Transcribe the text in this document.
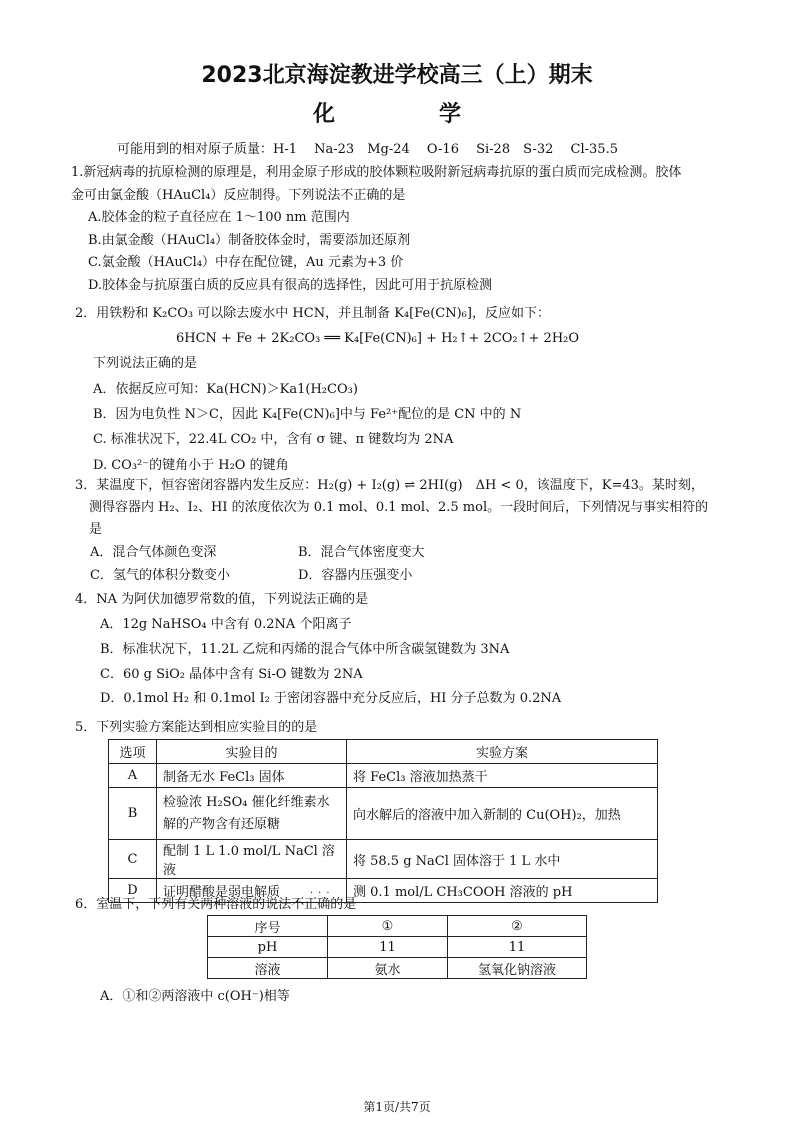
2023北京海淀教进学校高三（上）期末
化　　学
可能用到的相对原子质量：H-1　 Na-23　Mg-24　 O-16　 Si-28　S-32　 Cl-35.5
1.新冠病毒的抗原检测的原理是，利用金原子形成的胶体颗粒吸附新冠病毒抗原的蛋白质而完成检测。胶体
金可由氯金酸（HAuCl₄）反应制得。下列说法不正确的是
A.胶体金的粒子直径应在 1～100 nm 范围内
B.由氯金酸（HAuCl₄）制备胶体金时，需要添加还原剂
C.氯金酸（HAuCl₄）中存在配位键，Au 元素为+3 价
D.胶体金与抗原蛋白质的反应具有很高的选择性，因此可用于抗原检测
2．用铁粉和 K₂CO₃ 可以除去废水中 HCN，并且制备 K₄[Fe(CN)₆]，反应如下：
6HCN + Fe + 2K₂CO₃ ══ K₄[Fe(CN)₆] + H₂↑+ 2CO₂↑+ 2H₂O
下列说法正确的是
A．依据反应可知：Ka(HCN)＞Ka1(H₂CO₃)
B．因为电负性 N＞C，因此 K₄[Fe(CN)₆]中与 Fe²⁺配位的是 CN 中的 N
C. 标准状况下，22.4L CO₂ 中，含有 σ 键、π 键数均为 2NA
D. CO₃²⁻的键角小于 H₂O 的键角
3．某温度下，恒容密闭容器内发生反应：H₂(g) + I₂(g) ⇌ 2HI(g)　ΔH < 0，该温度下，K=43。某时刻，
测得容器内 H₂、I₂、HI 的浓度依次为 0.1 mol、0.1 mol、2.5 mol。一段时间后，下列情况与事实相符的
是
A．混合气体颜色变深	B．混合气体密度变大
C．氢气的体积分数变小	D．容器内压强变小
4．NA 为阿伏加德罗常数的值，下列说法正确的是
A．12g NaHSO₄ 中含有 0.2NA 个阳离子
B．标准状况下，11.2L 乙烷和丙烯的混合气体中所含碳氢键数为 3NA
C．60 g SiO₂ 晶体中含有 Si-O 键数为 2NA
D．0.1mol H₂ 和 0.1mol I₂ 于密闭容器中充分反应后，HI 分子总数为 0.2NA
5．下列实验方案能达到相应实验目的的是
选项	实验目的	实验方案
A	制备无水 FeCl₃ 固体	将 FeCl₃ 溶液加热蒸干
B	检验浓 H₂SO₄ 催化纤维素水解的产物含有还原糖	向水解后的溶液中加入新制的 Cu(OH)₂，加热
C	配制 1 L 1.0 mol/L NaCl 溶液	将 58.5 g NaCl 固体溶于 1 L 水中
D	证明醋酸是弱电解质	测 0.1 mol/L CH₃COOH 溶液的 pH
6．室温下，下列有关两种溶液的说法不正确的是
···
序号	①	②
pH	11	11
溶液	氨水	氢氧化钠溶液
A．①和②两溶液中 c(OH⁻)相等
第1页/共7页
